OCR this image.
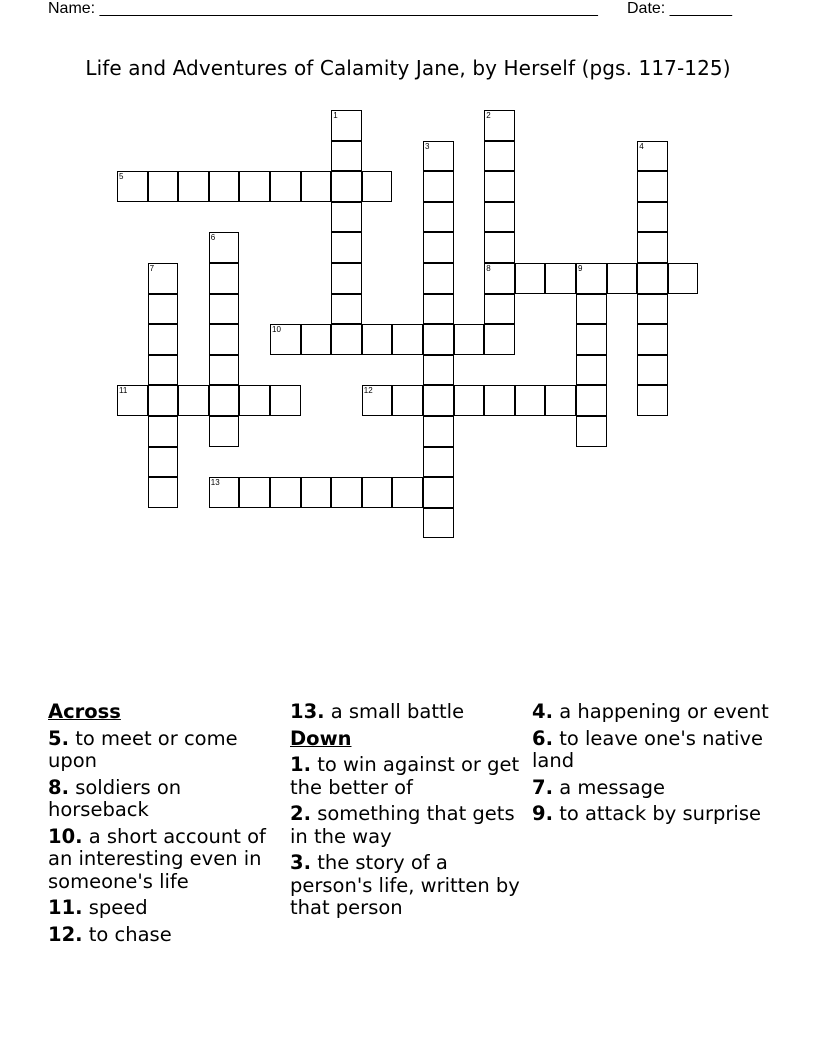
Name: ________________________________________________________ Date: _______
Life and Adventures of Calamity Jane, by Herself (pgs. 117-125)
1	2
8
3	4
5
6
7	9
10
11	12
13
Across
5. to meet or come upon
8. soldiers on horseback
10. a short account of an interesting even in someone's life
11. speed
12. to chase
13. a small battle
Down
1. to win against or get the better of
2. something that gets in the way
3. the story of a person's life, written by that person
4. a happening or event
6. to leave one's native land
7. a message
9. to attack by surprise
